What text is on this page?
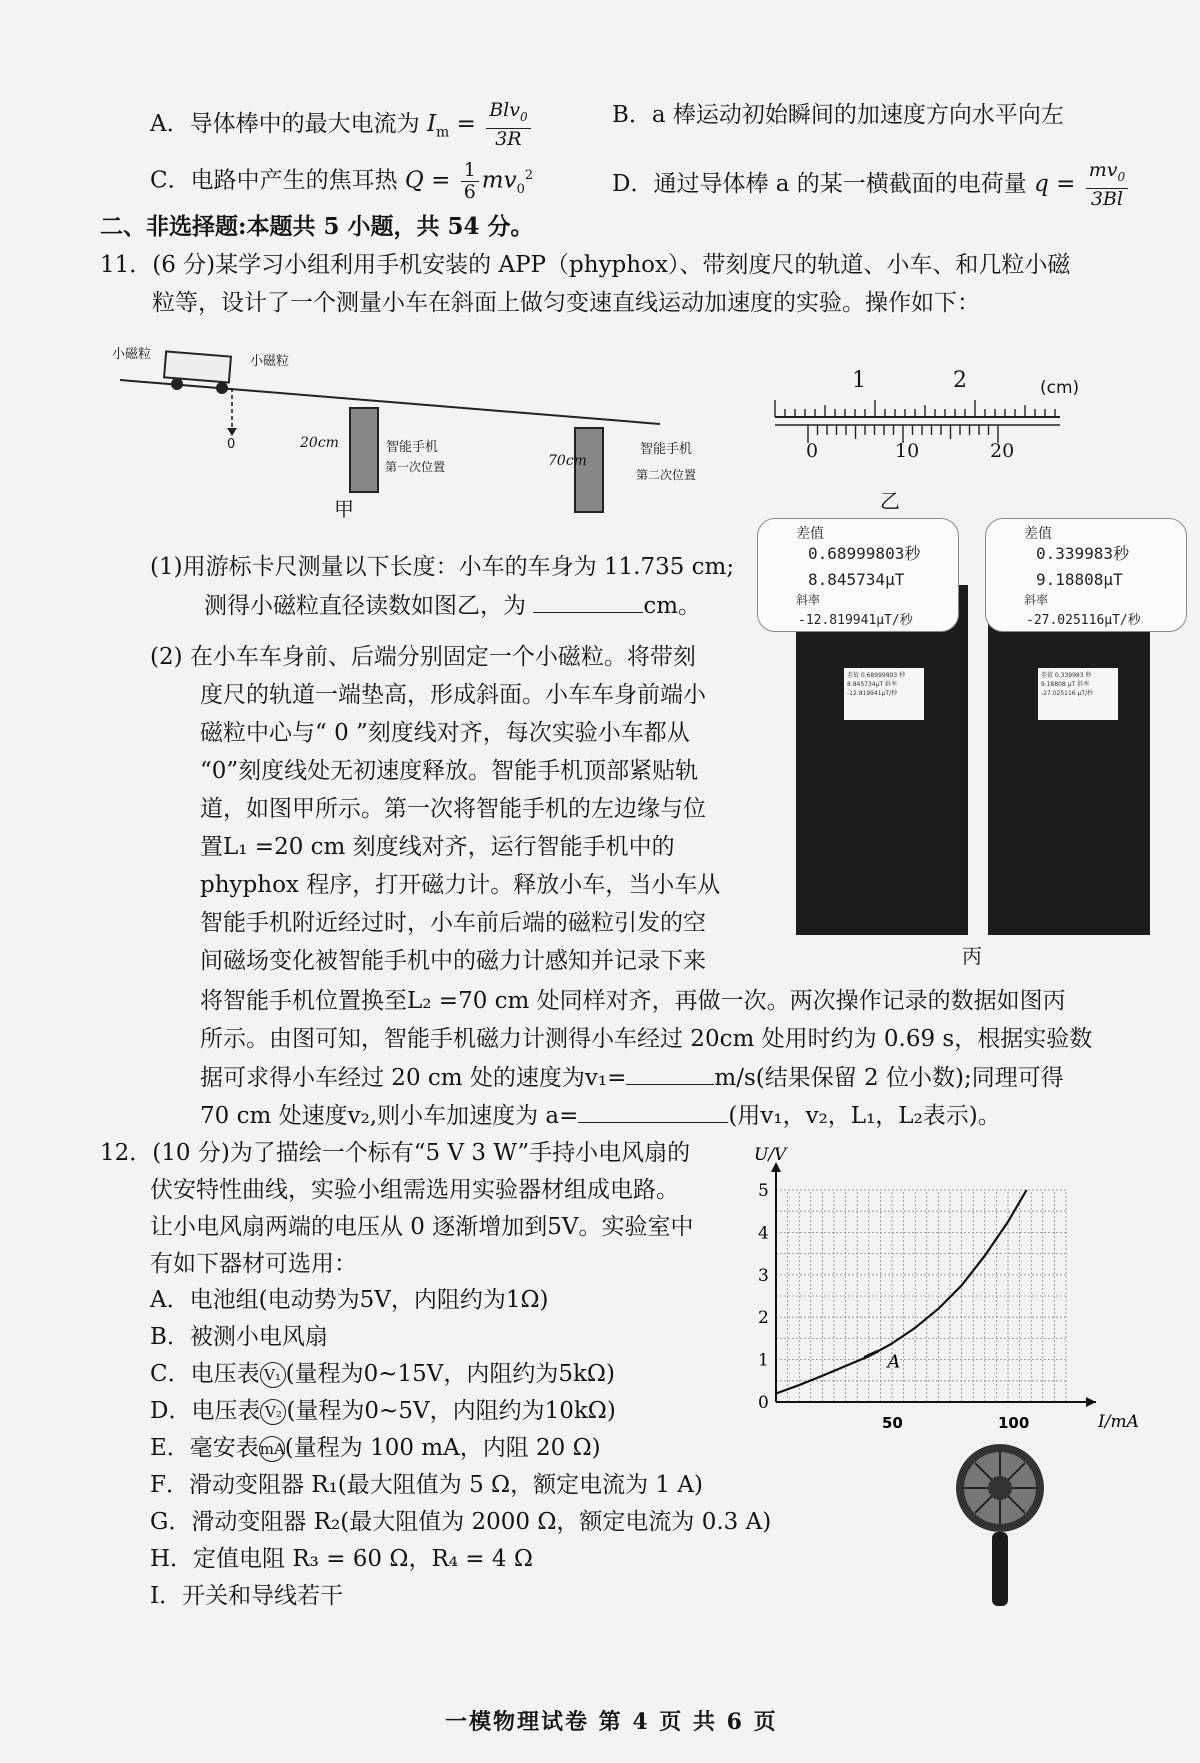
A．导体棒中的最大电流为 $I_m = \frac{Blv_0}{3R}$	B．a 棒运动初始瞬间的加速度方向水平向左
C．电路中产生的焦耳热 $Q = \frac{1}{6} mv_0^2$	D．通过导体棒 a 的某一横截面的电荷量 $q = \frac{mv_0}{3Bl}$
二、非选择题:本题共 5 小题，共 54 分。
11．(6 分)某学习小组利用手机安装的 APP（phyphox）、带刻度尺的轨道、小车、和几粒小磁
粒等，设计了一个测量小车在斜面上做匀变速直线运动加速度的实验。操作如下：
小磁粒	小磁粒
0	20cm	智能手机
第一次位置	70cm
智能手机
第二次位置
甲
1	2	(cm)
0	10	20
乙
差值
0.68999803秒
8.845734μT
斜率
-12.819941μT/秒
差值
0.339983秒
9.18808μT
斜率
-27.025116μT/秒
差值 0.68999803 秒 8.845734μT 斜率 -12.819941μT/秒
差值 0.339983 秒 9.18808 μT 斜率 -27.025116 μT/秒
丙
(1)用游标卡尺测量以下长度：小车的车身为 11.735 cm;
测得小磁粒直径读数如图乙，为	cm。
(2) 在小车车身前、后端分别固定一个小磁粒。将带刻
度尺的轨道一端垫高，形成斜面。小车车身前端小
磁粒中心与“ 0 ”刻度线对齐，每次实验小车都从
“0”刻度线处无初速度释放。智能手机顶部紧贴轨
道，如图甲所示。第一次将智能手机的左边缘与位
置L₁ =20 cm 刻度线对齐，运行智能手机中的
phyphox 程序，打开磁力计。释放小车，当小车从
智能手机附近经过时，小车前后端的磁粒引发的空
间磁场变化被智能手机中的磁力计感知并记录下来
将智能手机位置换至L₂ =70 cm 处同样对齐，再做一次。两次操作记录的数据如图丙
所示。由图可知，智能手机磁力计测得小车经过 20cm 处用时约为 0.69 s，根据实验数
据可求得小车经过 20 cm 处的速度为v₁=	m/s(结果保留 2 位小数);同理可得
70 cm 处速度v₂,则小车加速度为 a=	(用v₁，v₂，L₁，L₂表示)。
12．(10 分)为了描绘一个标有“5 V 3 W”手持小电风扇的
伏安特性曲线，实验小组需选用实验器材组成电路。
让小电风扇两端的电压从 0 逐渐增加到5V。实验室中
有如下器材可选用：
A．电池组(电动势为5V，内阻约为1Ω)
B．被测小电风扇
C．电压表 V₁ (量程为0~15V，内阻约为5kΩ)
D．电压表 V₂ (量程为0~5V，内阻约为10kΩ)
E．毫安表mA(量程为 100 mA，内阻 20 Ω)
F．滑动变阻器 R₁(最大阻值为 5 Ω，额定电流为 1 A)
G．滑动变阻器 R₂(最大阻值为 2000 Ω，额定电流为 0.3 A)
H．定值电阻 R₃ = 60 Ω，R₄ = 4 Ω
I．开关和导线若干
0
1
2
3
4
5
50	100	I/mA
U/V
A
一模物理试卷 第 4 页 共 6 页
